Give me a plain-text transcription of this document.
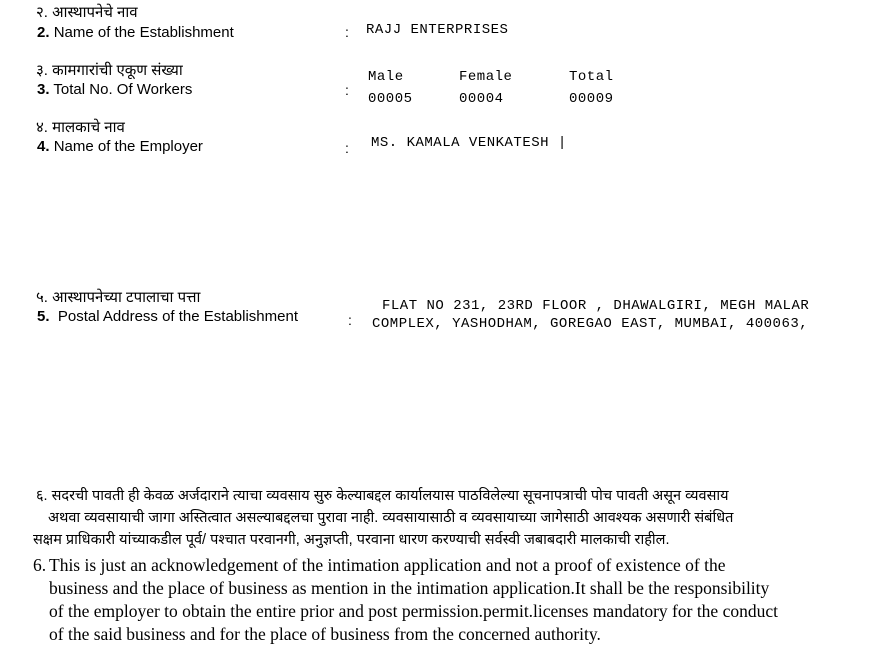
२. आस्थापनेचे नाव
2. Name of the Establishment	: RAJJ ENTERPRISES
३. कामगारांची एकूण संख्या
3. Total No. Of Workers	:
Male	Female	Total
00005	00004	00009
४. मालकाचे नाव
4. Name of the Employer	: MS. KAMALA VENKATESH |
५. आस्थापनेच्या टपालाचा पत्ता
5. Postal Address of the Establishment	:
FLAT NO 231, 23RD FLOOR , DHAWALGIRI, MEGH MALAR
COMPLEX, YASHODHAM, GOREGAO EAST, MUMBAI, 400063,
६. सदरची पावती ही केवळ अर्जदाराने त्याचा व्यवसाय सुरु केल्याबद्दल कार्यालयास पाठविलेल्या सूचनापत्राची पोच पावती असून व्यवसाय
अथवा व्यवसायाची जागा अस्तित्वात असल्याबद्दलचा पुरावा नाही. व्यवसायासाठी व व्यवसायाच्या जागेसाठी आवश्यक असणारी संबंधित
सक्षम प्राधिकारी यांच्याकडील पूर्व/ पश्चात परवानगी, अनुज्ञप्ती, परवाना धारण करण्याची सर्वस्वी जबाबदारी मालकाची राहील.
6. This is just an acknowledgement of the intimation application and not a proof of existence of the
business and the place of business as mention in the intimation application.It shall be the responsibility
of the employer to obtain the entire prior and post permission.permit.licenses mandatory for the conduct
of the said business and for the place of business from the concerned authority.
